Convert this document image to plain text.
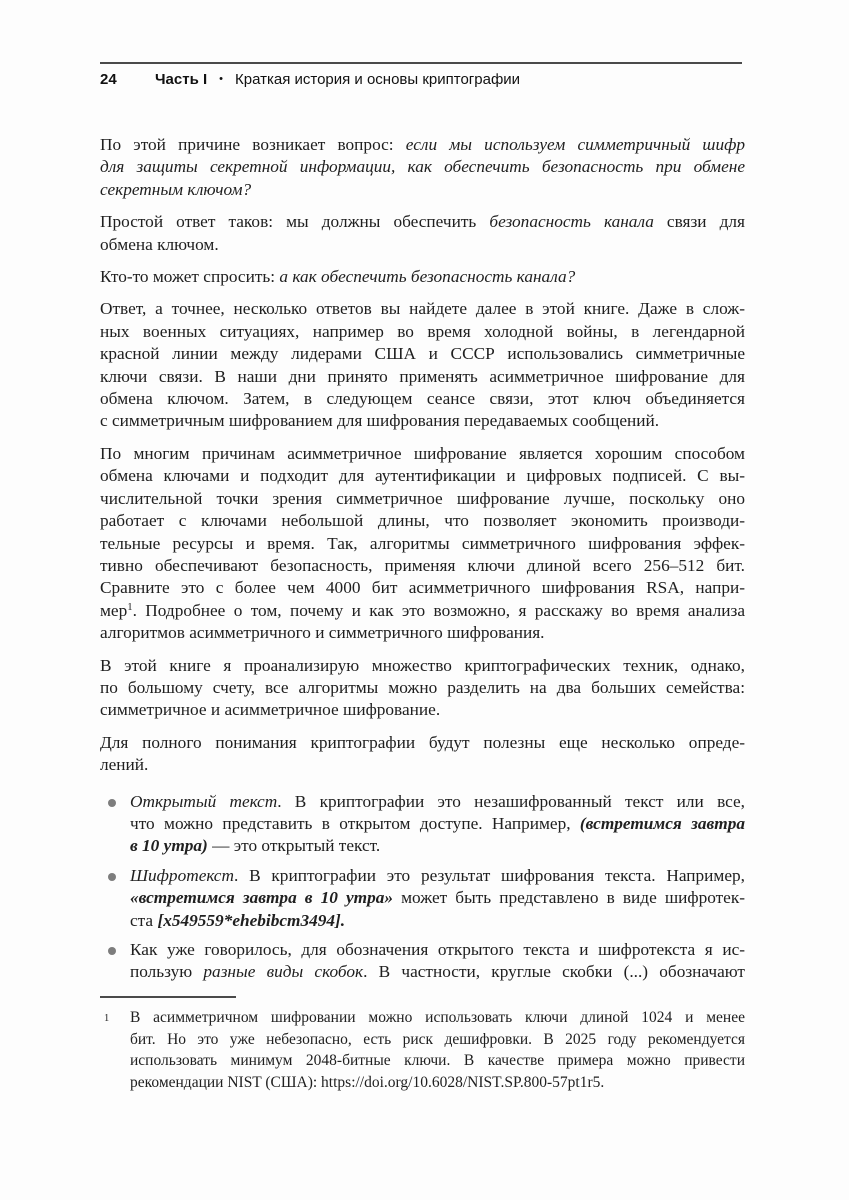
24	Часть I • Краткая история и основы криптографии

По этой причине возникает вопрос: если мы используем симметричный шифр
для защиты секретной информации, как обеспечить безопасность при обмене
секретным ключом?

Простой ответ таков: мы должны обеспечить безопасность канала связи для
обмена ключом.

Кто-то может спросить: а как обеспечить безопасность канала?

Ответ, а точнее, несколько ответов вы найдете далее в этой книге. Даже в слож-
ных военных ситуациях, например во время холодной войны, в легендарной
красной линии между лидерами США и СССР использовались симметричные
ключи связи. В наши дни принято применять асимметричное шифрование для
обмена ключом. Затем, в следующем сеансе связи, этот ключ объединяется
с симметричным шифрованием для шифрования передаваемых сообщений.

По многим причинам асимметричное шифрование является хорошим способом
обмена ключами и подходит для аутентификации и цифровых подписей. С вы-
числительной точки зрения симметричное шифрование лучше, поскольку оно
работает с ключами небольшой длины, что позволяет экономить производи-
тельные ресурсы и время. Так, алгоритмы симметричного шифрования эффек-
тивно обеспечивают безопасность, применяя ключи длиной всего 256–512 бит.
Сравните это с более чем 4000 бит асимметричного шифрования RSA, напри-
мер$^1$. Подробнее о том, почему и как это возможно, я расскажу во время анализа
алгоритмов асимметричного и симметричного шифрования.

В этой книге я проанализирую множество криптографических техник, однако,
по большому счету, все алгоритмы можно разделить на два больших семейства:
симметричное и асимметричное шифрование.

Для полного понимания криптографии будут полезны еще несколько опреде-
лений.

Открытый текст. В криптографии это незашифрованный текст или все,
что можно представить в открытом доступе. Например, (встретимся завтра
в 10 утра) — это открытый текст.
Шифротекст. В криптографии это результат шифрования текста. Например,
«встретимся завтра в 10 утра» может быть представлено в виде шифротек-
ста [x549559*ehebibcm3494].
Как уже говорилось, для обозначения открытого текста и шифротекста я ис-
пользую разные виды скобок. В частности, круглые скобки (...) обозначают
1	В асимметричном шифровании можно использовать ключи длиной 1024 и менее
бит. Но это уже небезопасно, есть риск дешифровки. В 2025 году рекомендуется
использовать минимум 2048-битные ключи. В качестве примера можно привести
рекомендации NIST (США): https://doi.org/10.6028/NIST.SP.800-57pt1r5.
